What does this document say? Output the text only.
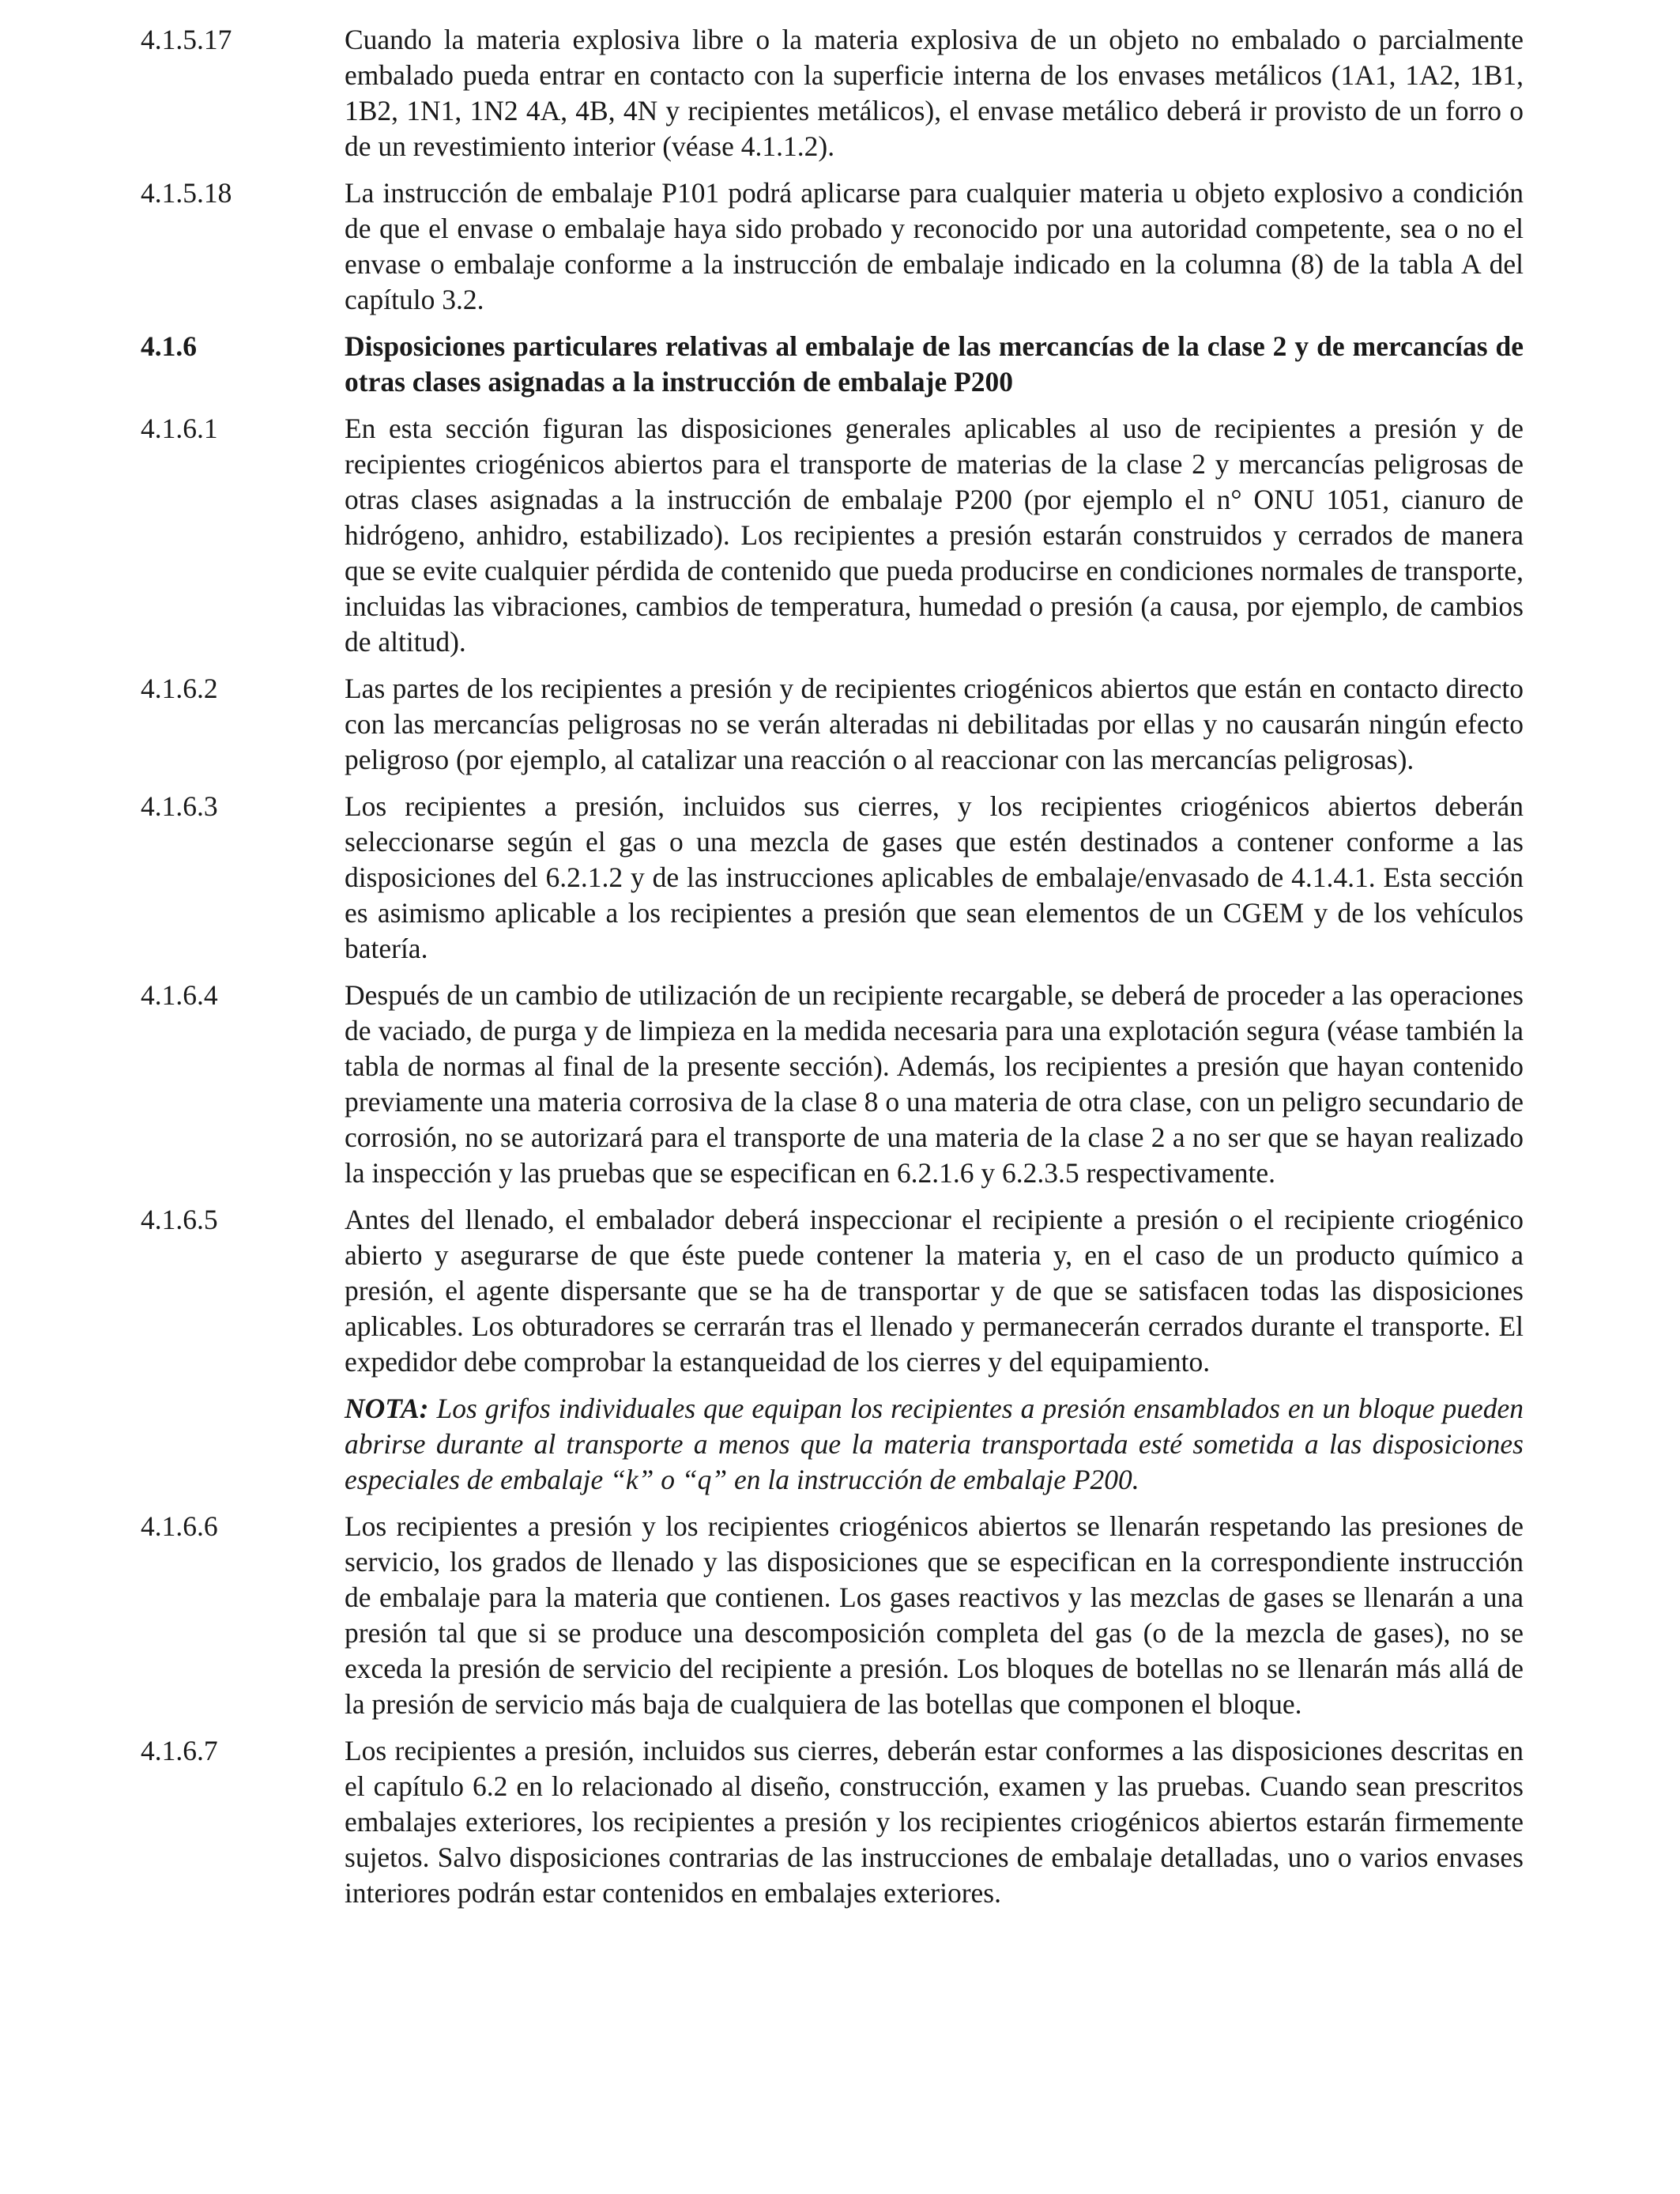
4.1.5.17	Cuando la materia explosiva libre o la materia explosiva de un objeto no embalado o parcialmente embalado pueda entrar en contacto con la superficie interna de los envases metálicos (1A1, 1A2, 1B1, 1B2, 1N1, 1N2 4A, 4B, 4N y recipientes metálicos), el envase metálico deberá ir provisto de un forro o de un revestimiento interior (véase 4.1.1.2).
4.1.5.18	La instrucción de embalaje P101 podrá aplicarse para cualquier materia u objeto explosivo a condición de que el envase o embalaje haya sido probado y reconocido por una autoridad competente, sea o no el envase o embalaje conforme a la instrucción de embalaje indicado en la columna (8) de la tabla A del capítulo 3.2.
4.1.6	Disposiciones particulares relativas al embalaje de las mercancías de la clase 2 y de mercancías de otras clases asignadas a la instrucción de embalaje P200
4.1.6.1	En esta sección figuran las disposiciones generales aplicables al uso de recipientes a presión y de recipientes criogénicos abiertos para el transporte de materias de la clase 2 y mercancías peligrosas de otras clases asignadas a la instrucción de embalaje P200 (por ejemplo el n° ONU 1051, cianuro de hidrógeno, anhidro, estabilizado). Los recipientes a presión estarán construidos y cerrados de manera que se evite cualquier pérdida de contenido que pueda producirse en condiciones normales de transporte, incluidas las vibraciones, cambios de temperatura, humedad o presión (a causa, por ejemplo, de cambios de altitud).
4.1.6.2	Las partes de los recipientes a presión y de recipientes criogénicos abiertos que están en contacto directo con las mercancías peligrosas no se verán alteradas ni debilitadas por ellas y no causarán ningún efecto peligroso (por ejemplo, al catalizar una reacción o al reaccionar con las mercancías peligrosas).
4.1.6.3	Los recipientes a presión, incluidos sus cierres, y los recipientes criogénicos abiertos deberán seleccionarse según el gas o una mezcla de gases que estén destinados a contener conforme a las disposiciones del 6.2.1.2 y de las instrucciones aplicables de embalaje/envasado de 4.1.4.1. Esta sección es asimismo aplicable a los recipientes a presión que sean elementos de un CGEM y de los vehículos batería.
4.1.6.4	Después de un cambio de utilización de un recipiente recargable, se deberá de proceder a las operaciones de vaciado, de purga y de limpieza en la medida necesaria para una explotación segura (véase también la tabla de normas al final de la presente sección). Además, los recipientes a presión que hayan contenido previamente una materia corrosiva de la clase 8 o una materia de otra clase, con un peligro secundario de corrosión, no se autorizará para el transporte de una materia de la clase 2 a no ser que se hayan realizado la inspección y las pruebas que se especifican en 6.2.1.6 y 6.2.3.5 respectivamente.
4.1.6.5	Antes del llenado, el embalador deberá inspeccionar el recipiente a presión o el recipiente criogénico abierto y asegurarse de que éste puede contener la materia y, en el caso de un producto químico a presión, el agente dispersante que se ha de transportar y de que se satisfacen todas las disposiciones aplicables. Los obturadores se cerrarán tras el llenado y permanecerán cerrados durante el transporte. El expedidor debe comprobar la estanqueidad de los cierres y del equipamiento.
NOTA: Los grifos individuales que equipan los recipientes a presión ensamblados en un bloque pueden abrirse durante al transporte a menos que la materia transportada esté sometida a las disposiciones especiales de embalaje “k” o “q” en la instrucción de embalaje P200.
4.1.6.6	Los recipientes a presión y los recipientes criogénicos abiertos se llenarán respetando las presiones de servicio, los grados de llenado y las disposiciones que se especifican en la correspondiente instrucción de embalaje para la materia que contienen. Los gases reactivos y las mezclas de gases se llenarán a una presión tal que si se produce una descomposición completa del gas (o de la mezcla de gases), no se exceda la presión de servicio del recipiente a presión. Los bloques de botellas no se llenarán más allá de la presión de servicio más baja de cualquiera de las botellas que componen el bloque.
4.1.6.7	Los recipientes a presión, incluidos sus cierres, deberán estar conformes a las disposiciones descritas en el capítulo 6.2 en lo relacionado al diseño, construcción, examen y las pruebas. Cuando sean prescritos embalajes exteriores, los recipientes a presión y los recipientes criogénicos abiertos estarán firmemente sujetos. Salvo disposiciones contrarias de las instrucciones de embalaje detalladas, uno o varios envases interiores podrán estar contenidos en embalajes exteriores.
